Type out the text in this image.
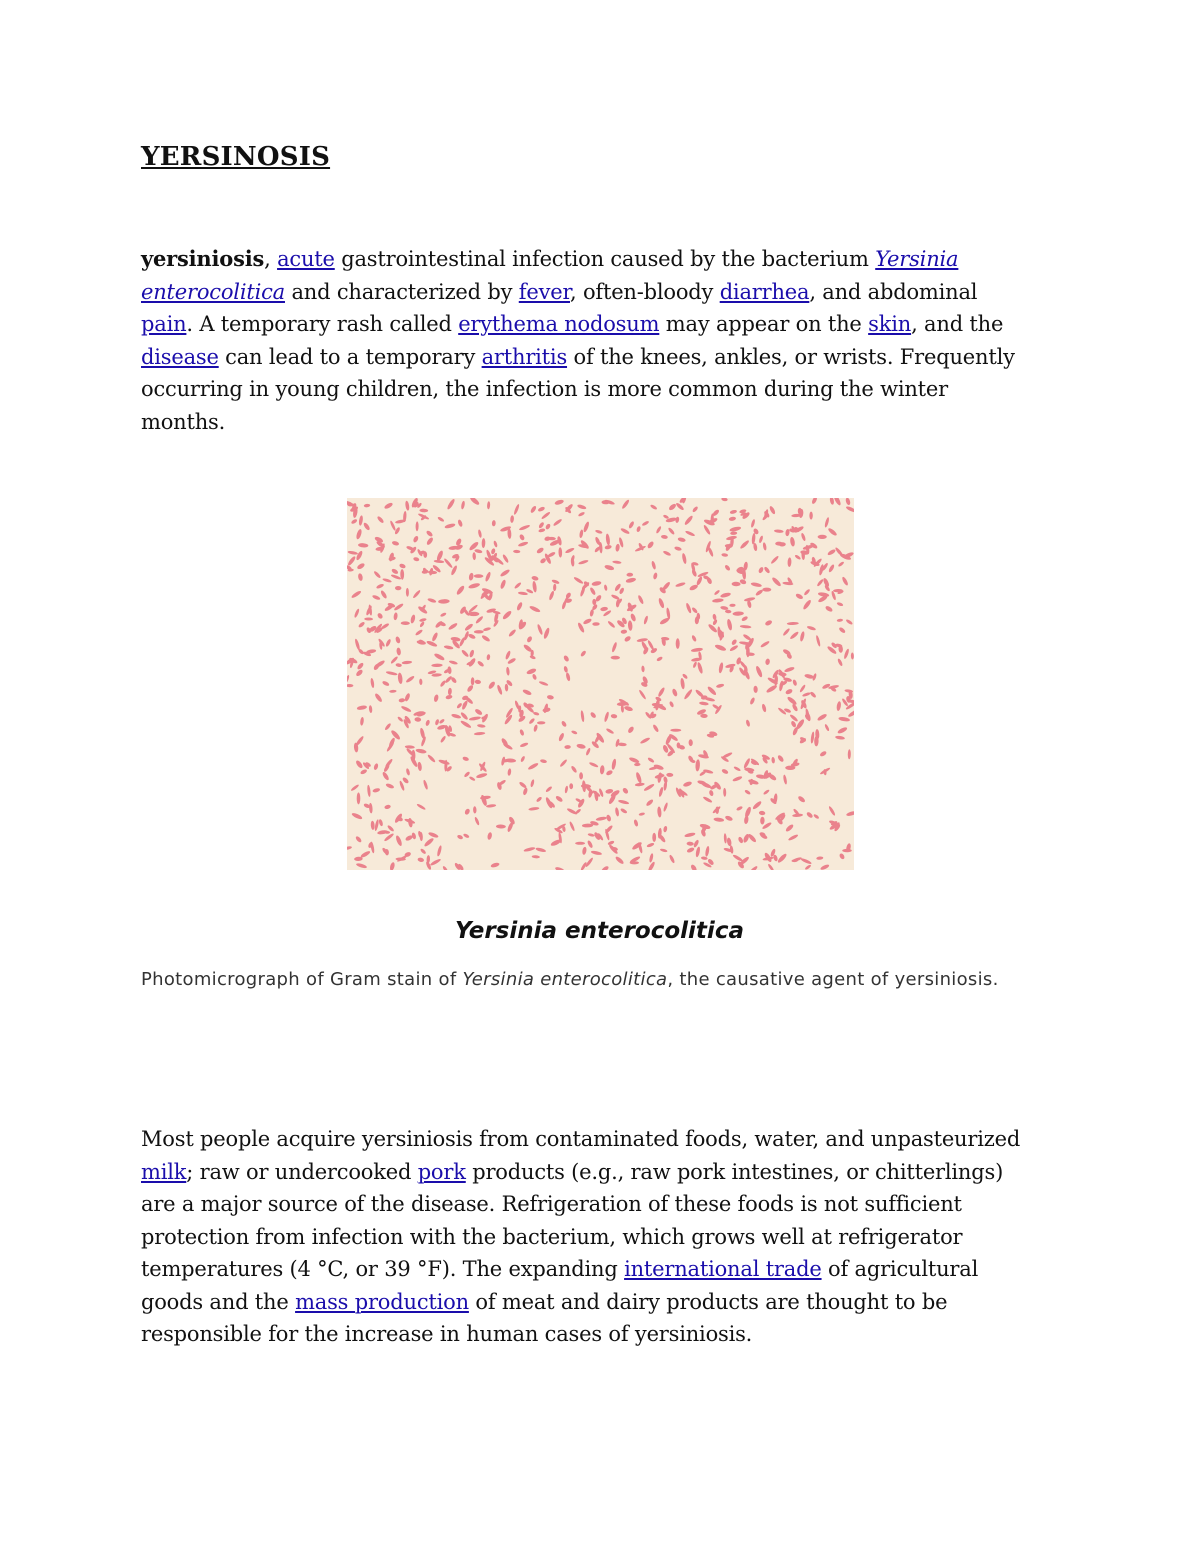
YERSINOSIS

yersiniosis, acute gastrointestinal infection caused by the bacterium Yersinia enterocolitica and characterized by fever, often-bloody diarrhea, and abdominal pain. A temporary rash called erythema nodosum may appear on the skin, and the disease can lead to a temporary arthritis of the knees, ankles, or wrists. Frequently occurring in young children, the infection is more common during the winter months.

Yersinia enterocolitica

Photomicrograph of Gram stain of Yersinia enterocolitica, the causative agent of yersiniosis.

Most people acquire yersiniosis from contaminated foods, water, and unpasteurized milk; raw or undercooked pork products (e.g., raw pork intestines, or chitterlings) are a major source of the disease. Refrigeration of these foods is not sufficient protection from infection with the bacterium, which grows well at refrigerator temperatures (4 °C, or 39 °F). The expanding international trade of agricultural goods and the mass production of meat and dairy products are thought to be responsible for the increase in human cases of yersiniosis.
